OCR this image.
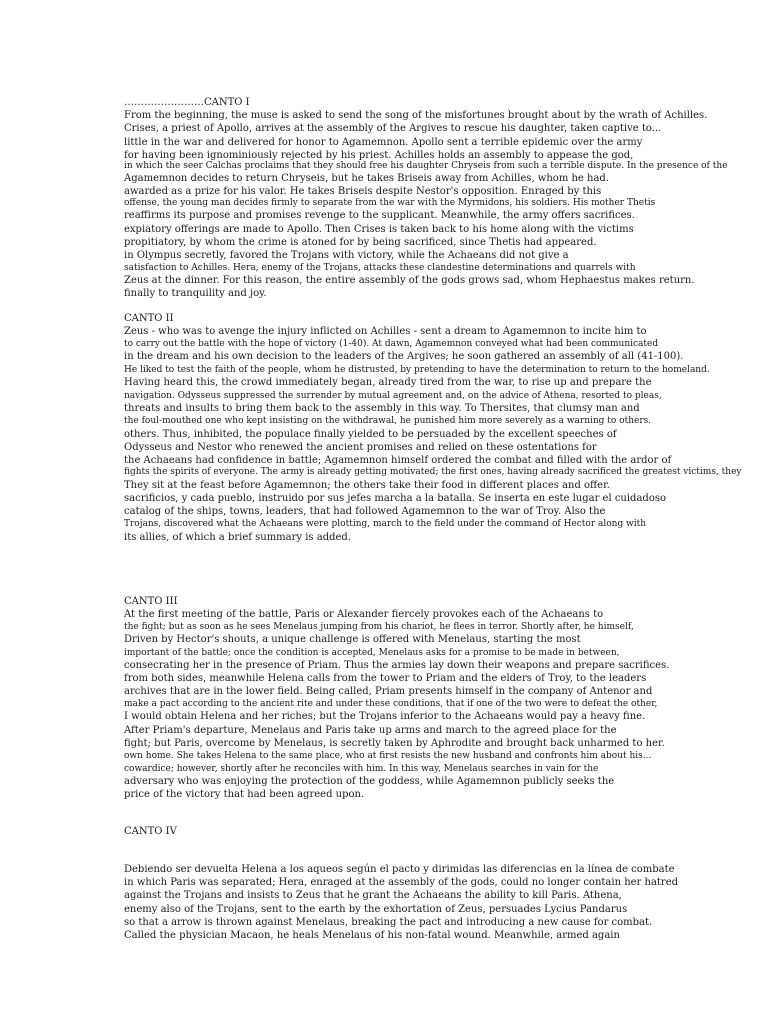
……………………CANTO I
From the beginning, the muse is asked to send the song of the misfortunes brought about by the wrath of Achilles.
Crises, a priest of Apollo, arrives at the assembly of the Argives to rescue his daughter, taken captive to...
little in the war and delivered for honor to Agamemnon. Apollo sent a terrible epidemic over the army
for having been ignominiously rejected by his priest. Achilles holds an assembly to appease the god,
in which the seer Calchas proclaims that they should free his daughter Chryseis from such a terrible dispute. In the presence of the
Agamemnon decides to return Chryseis, but he takes Briseis away from Achilles, whom he had.
awarded as a prize for his valor. He takes Briseis despite Nestor's opposition. Enraged by this
offense, the young man decides firmly to separate from the war with the Myrmidons, his soldiers. His mother Thetis
reaffirms its purpose and promises revenge to the supplicant. Meanwhile, the army offers sacrifices.
expiatory offerings are made to Apollo. Then Crises is taken back to his home along with the victims
propitiatory, by whom the crime is atoned for by being sacrificed, since Thetis had appeared.
in Olympus secretly, favored the Trojans with victory, while the Achaeans did not give a
satisfaction to Achilles. Hera, enemy of the Trojans, attacks these clandestine determinations and quarrels with
Zeus at the dinner. For this reason, the entire assembly of the gods grows sad, whom Hephaestus makes return.
finally to tranquility and joy.
CANTO II
Zeus - who was to avenge the injury inflicted on Achilles - sent a dream to Agamemnon to incite him to
to carry out the battle with the hope of victory (1-40). At dawn, Agamemnon conveyed what had been communicated
in the dream and his own decision to the leaders of the Argives; he soon gathered an assembly of all (41-100).
He liked to test the faith of the people, whom he distrusted, by pretending to have the determination to return to the homeland.
Having heard this, the crowd immediately began, already tired from the war, to rise up and prepare the
navigation. Odysseus suppressed the surrender by mutual agreement and, on the advice of Athena, resorted to pleas,
threats and insults to bring them back to the assembly in this way. To Thersites, that clumsy man and
the foul-mouthed one who kept insisting on the withdrawal, he punished him more severely as a warning to others.
others. Thus, inhibited, the populace finally yielded to be persuaded by the excellent speeches of
Odysseus and Nestor who renewed the ancient promises and relied on these ostentations for
the Achaeans had confidence in battle; Agamemnon himself ordered the combat and filled with the ardor of
fights the spirits of everyone. The army is already getting motivated; the first ones, having already sacrificed the greatest victims, they
They sit at the feast before Agamemnon; the others take their food in different places and offer.
sacrificios, y cada pueblo, instruido por sus jefes marcha a la batalla. Se inserta en este lugar el cuidadoso
catalog of the ships, towns, leaders, that had followed Agamemnon to the war of Troy. Also the
Trojans, discovered what the Achaeans were plotting, march to the field under the command of Hector along with
its allies, of which a brief summary is added.
CANTO III
At the first meeting of the battle, Paris or Alexander fiercely provokes each of the Achaeans to
the fight; but as soon as he sees Menelaus jumping from his chariot, he flees in terror. Shortly after, he himself,
Driven by Hector's shouts, a unique challenge is offered with Menelaus, starting the most
important of the battle; once the condition is accepted, Menelaus asks for a promise to be made in between,
consecrating her in the presence of Priam. Thus the armies lay down their weapons and prepare sacrifices.
from both sides, meanwhile Helena calls from the tower to Priam and the elders of Troy, to the leaders
archives that are in the lower field. Being called, Priam presents himself in the company of Antenor and
make a pact according to the ancient rite and under these conditions, that if one of the two were to defeat the other,
I would obtain Helena and her riches; but the Trojans inferior to the Achaeans would pay a heavy fine.
After Priam's departure, Menelaus and Paris take up arms and march to the agreed place for the
fight; but Paris, overcome by Menelaus, is secretly taken by Aphrodite and brought back unharmed to her.
own home. She takes Helena to the same place, who at first resists the new husband and confronts him about his...
cowardice; however, shortly after he reconciles with him. In this way, Menelaus searches in vain for the
adversary who was enjoying the protection of the goddess, while Agamemnon publicly seeks the
price of the victory that had been agreed upon.
CANTO IV
Debiendo ser devuelta Helena a los aqueos según el pacto y dirimidas las diferencias en la línea de combate
in which Paris was separated; Hera, enraged at the assembly of the gods, could no longer contain her hatred
against the Trojans and insists to Zeus that he grant the Achaeans the ability to kill Paris. Athena,
enemy also of the Trojans, sent to the earth by the exhortation of Zeus, persuades Lycius Pandarus
so that a arrow is thrown against Menelaus, breaking the pact and introducing a new cause for combat.
Called the physician Macaon, he heals Menelaus of his non-fatal wound. Meanwhile, armed again
